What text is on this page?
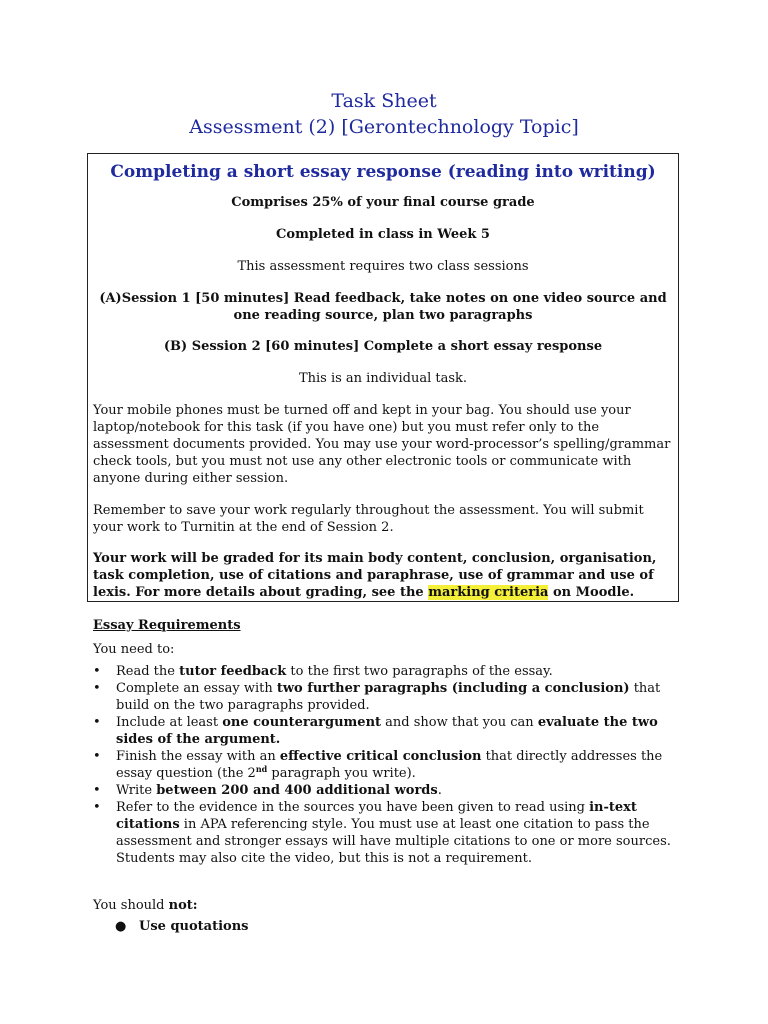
Task Sheet
Assessment (2) [Gerontechnology Topic]
Completing a short essay response (reading into writing)
Comprises 25% of your final course grade
Completed in class in Week 5
This assessment requires two class sessions
(A)Session 1 [50 minutes] Read feedback, take notes on one video source and one reading source, plan two paragraphs
(B) Session 2 [60 minutes] Complete a short essay response
This is an individual task.
Your mobile phones must be turned off and kept in your bag. You should use your laptop/notebook for this task (if you have one) but you must refer only to the assessment documents provided. You may use your word-processor’s spelling/grammar check tools, but you must not use any other electronic tools or communicate with anyone during either session.
Remember to save your work regularly throughout the assessment. You will submit your work to Turnitin at the end of Session 2.
Your work will be graded for its main body content, conclusion, organisation, task completion, use of citations and paraphrase, use of grammar and use of lexis. For more details about grading, see the marking criteria on Moodle.
Essay Requirements
You need to:
• Read the tutor feedback to the first two paragraphs of the essay.
• Complete an essay with two further paragraphs (including a conclusion) that build on the two paragraphs provided.
• Include at least one counterargument and show that you can evaluate the two sides of the argument.
• Finish the essay with an effective critical conclusion that directly addresses the essay question (the 2nd paragraph you write).
• Write between 200 and 400 additional words.
• Refer to the evidence in the sources you have been given to read using in-text citations in APA referencing style. You must use at least one citation to pass the assessment and stronger essays will have multiple citations to one or more sources. Students may also cite the video, but this is not a requirement.
You should not:
● Use quotations
